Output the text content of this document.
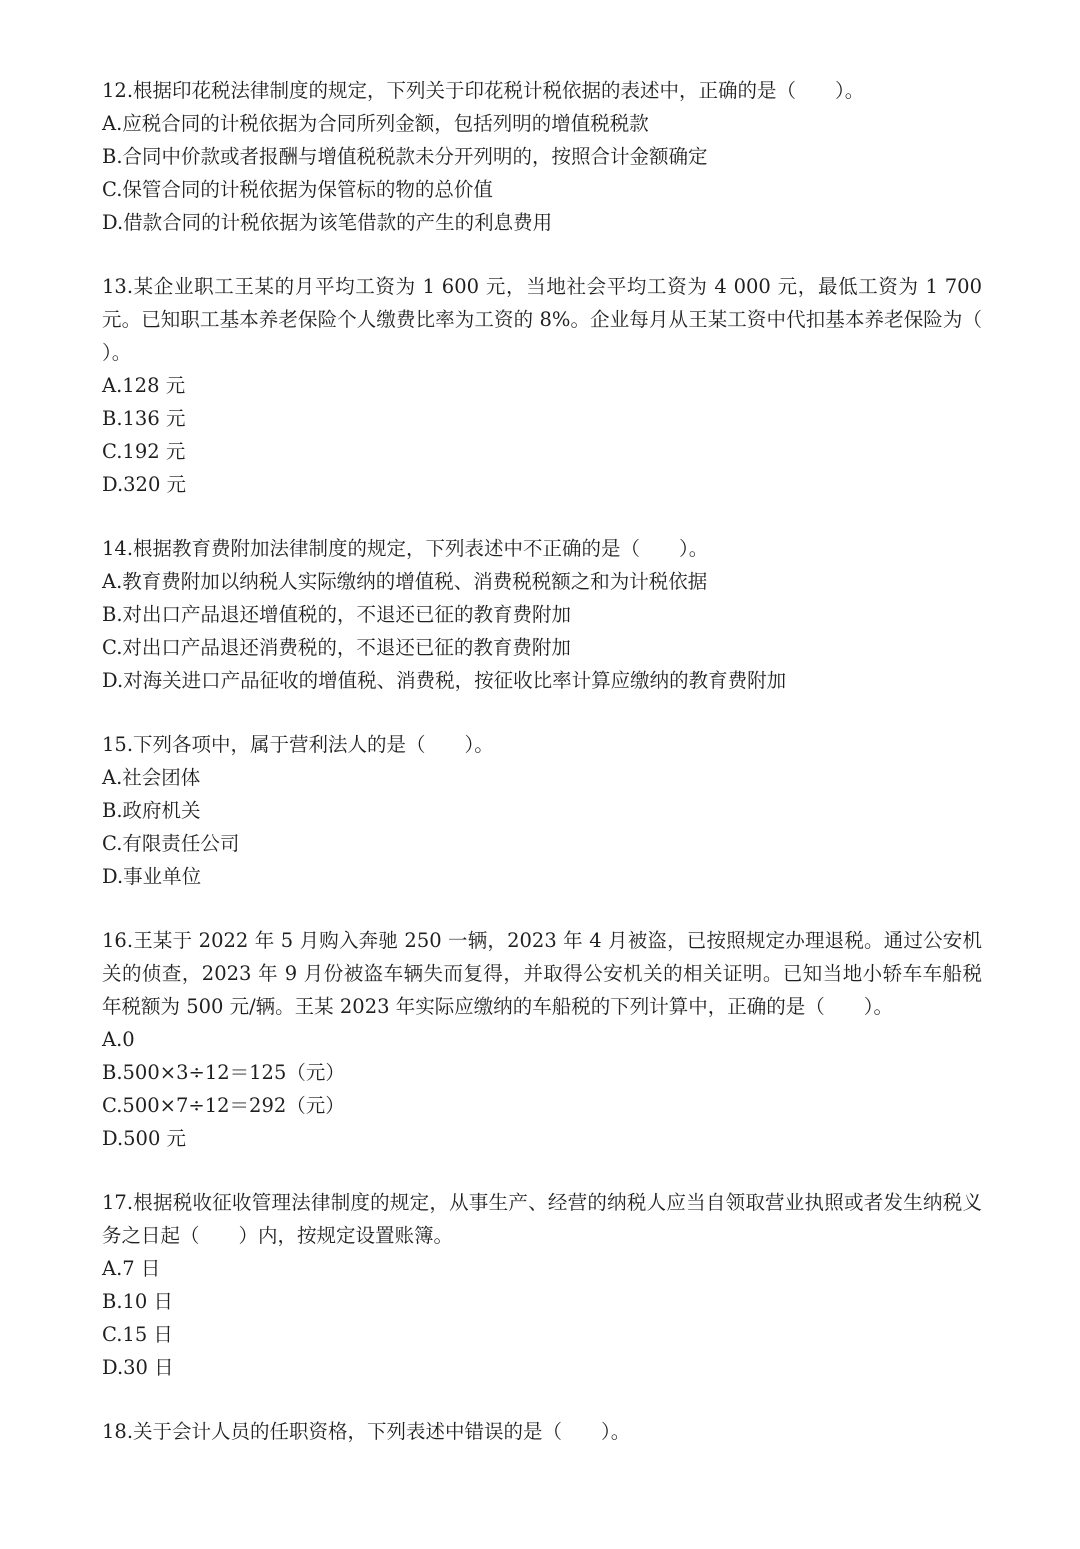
12.根据印花税法律制度的规定，下列关于印花税计税依据的表述中，正确的是（　　）。
A.应税合同的计税依据为合同所列金额，包括列明的增值税税款
B.合同中价款或者报酬与增值税税款未分开列明的，按照合计金额确定
C.保管合同的计税依据为保管标的物的总价值
D.借款合同的计税依据为该笔借款的产生的利息费用
13.某企业职工王某的月平均工资为 1 600 元，当地社会平均工资为 4 000 元，最低工资为 1 700 元。已知职工基本养老保险个人缴费比率为工资的 8%。企业每月从王某工资中代扣基本养老保险为（　　）。
A.128 元
B.136 元
C.192 元
D.320 元
14.根据教育费附加法律制度的规定，下列表述中不正确的是（　　）。
A.教育费附加以纳税人实际缴纳的增值税、消费税税额之和为计税依据
B.对出口产品退还增值税的，不退还已征的教育费附加
C.对出口产品退还消费税的，不退还已征的教育费附加
D.对海关进口产品征收的增值税、消费税，按征收比率计算应缴纳的教育费附加
15.下列各项中，属于营利法人的是（　　）。
A.社会团体
B.政府机关
C.有限责任公司
D.事业单位
16.王某于 2022 年 5 月购入奔驰 250 一辆，2023 年 4 月被盗，已按照规定办理退税。通过公安机关的侦查，2023 年 9 月份被盗车辆失而复得，并取得公安机关的相关证明。已知当地小轿车车船税年税额为 500 元/辆。王某 2023 年实际应缴纳的车船税的下列计算中，正确的是（　　）。
A.0
B.500×3÷12＝125（元）
C.500×7÷12＝292（元）
D.500 元
17.根据税收征收管理法律制度的规定，从事生产、经营的纳税人应当自领取营业执照或者发生纳税义务之日起（　　）内，按规定设置账簿。
A.7 日
B.10 日
C.15 日
D.30 日
18.关于会计人员的任职资格，下列表述中错误的是（　　）。
